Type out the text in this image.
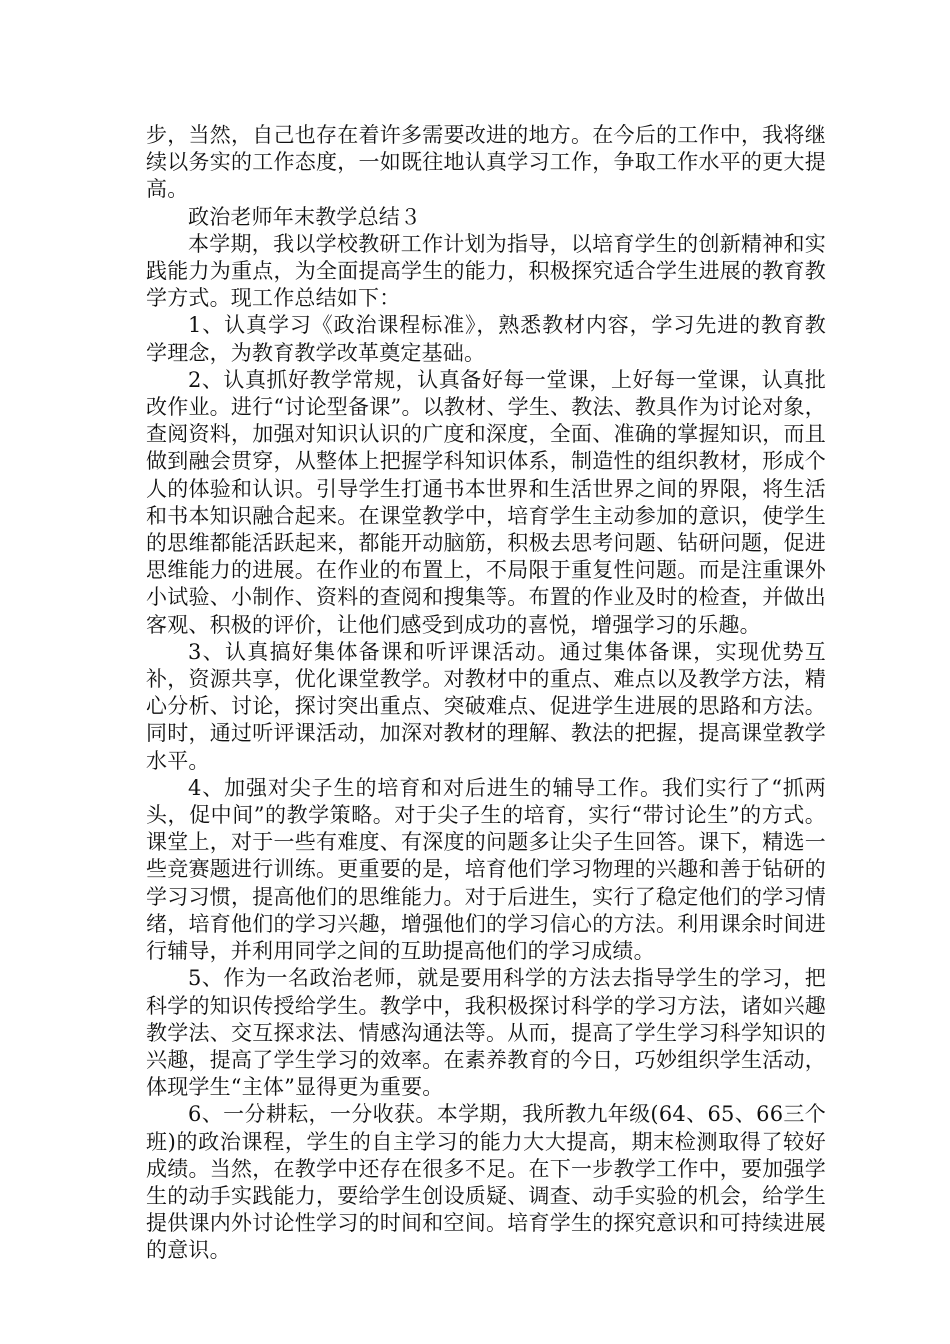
步，当然，自己也存在着许多需要改进的地方。在今后的工作中，我将继续以务实的工作态度，一如既往地认真学习工作，争取工作水平的更大提高。

政治老师年末教学总结３

本学期，我以学校教研工作计划为指导，以培育学生的创新精神和实践能力为重点，为全面提高学生的能力，积极探究适合学生进展的教育教学方式。现工作总结如下：

1、认真学习《政治课程标准》，熟悉教材内容，学习先进的教育教学理念，为教育教学改革奠定基础。

2、认真抓好教学常规，认真备好每一堂课，上好每一堂课，认真批改作业。进行“讨论型备课”。以教材、学生、教法、教具作为讨论对象，查阅资料，加强对知识认识的广度和深度，全面、准确的掌握知识，而且做到融会贯穿，从整体上把握学科知识体系，制造性的组织教材，形成个人的体验和认识。引导学生打通书本世界和生活世界之间的界限，将生活和书本知识融合起来。在课堂教学中，培育学生主动参加的意识，使学生的思维都能活跃起来，都能开动脑筋，积极去思考问题、钻研问题，促进思维能力的进展。在作业的布置上，不局限于重复性问题。而是注重课外小试验、小制作、资料的查阅和搜集等。布置的作业及时的检查，并做出客观、积极的评价，让他们感受到成功的喜悦，增强学习的乐趣。

3、认真搞好集体备课和听评课活动。通过集体备课，实现优势互补，资源共享，优化课堂教学。对教材中的重点、难点以及教学方法，精心分析、讨论，探讨突出重点、突破难点、促进学生进展的思路和方法。同时，通过听评课活动，加深对教材的理解、教法的把握，提高课堂教学水平。

4、加强对尖子生的培育和对后进生的辅导工作。我们实行了“抓两头，促中间”的教学策略。对于尖子生的培育，实行“带讨论生”的方式。课堂上，对于一些有难度、有深度的问题多让尖子生回答。课下，精选一些竞赛题进行训练。更重要的是，培育他们学习物理的兴趣和善于钻研的学习习惯，提高他们的思维能力。对于后进生，实行了稳定他们的学习情绪，培育他们的学习兴趣，增强他们的学习信心的方法。利用课余时间进行辅导，并利用同学之间的互助提高他们的学习成绩。

5、作为一名政治老师，就是要用科学的方法去指导学生的学习，把科学的知识传授给学生。教学中，我积极探讨科学的学习方法，诸如兴趣教学法、交互探求法、情感沟通法等。从而，提高了学生学习科学知识的兴趣，提高了学生学习的效率。在素养教育的今日，巧妙组织学生活动，体现学生“主体”显得更为重要。

6、一分耕耘，一分收获。本学期，我所教九年级(64、65、66三个班)的政治课程，学生的自主学习的能力大大提高，期末检测取得了较好成绩。当然，在教学中还存在很多不足。在下一步教学工作中，要加强学生的动手实践能力，要给学生创设质疑、调查、动手实验的机会，给学生提供课内外讨论性学习的时间和空间。培育学生的探究意识和可持续进展的意识。
